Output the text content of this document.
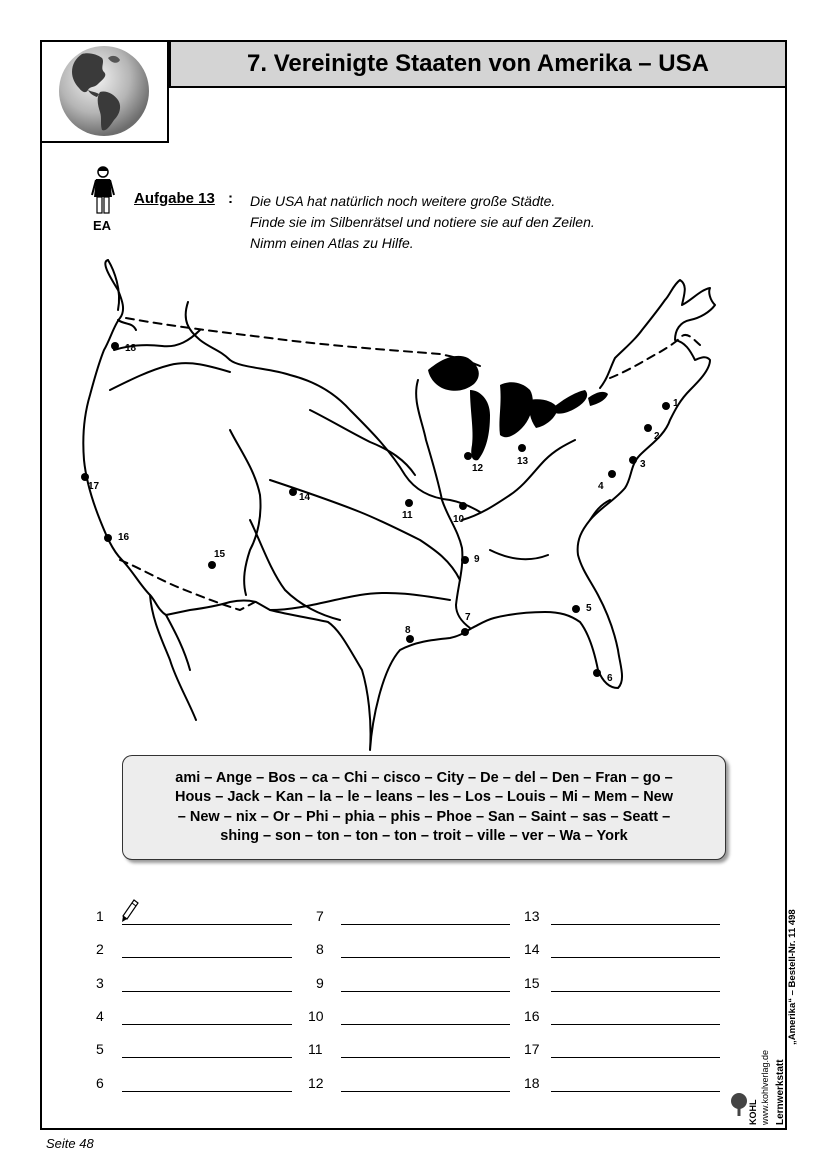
7. Vereinigte Staaten von Amerika – USA
EA
Aufgabe 13 : Die USA hat natürlich noch weitere große Städte.
Finde sie im Silbenrätsel und notiere sie auf den Zeilen.
Nimm einen Atlas zu Hilfe.
1
2
3
4
5
6
7
8
9
10
11
12
13
14
15
16
17
18
ami – Ange – Bos – ca – Chi – cisco – City – De – del – Den – Fran – go –
Hous – Jack – Kan – la – le – leans – les – Los – Louis – Mi – Mem – New
– New – nix – Or – Phi – phia – phis – Phoe – San – Saint – sas – Seatt –
shing – son – ton – ton – ton – troit – ville – ver – Wa – York
1
2
3
4
5
6
7
8
9
10
11
12
13
14
15
16
17
18	Lernwerkstatt
„Amerika“ – Bestell-Nr. 11 498
www.kohlverlag.de
KOHL
Seite 48
